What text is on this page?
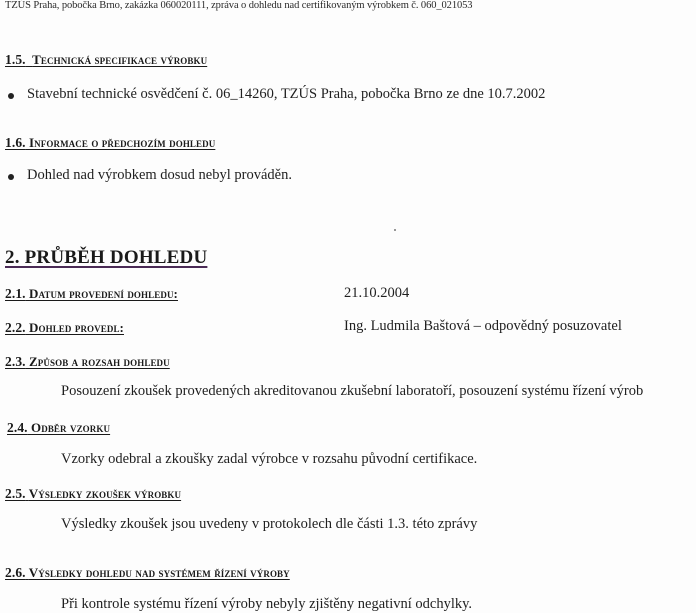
TZÚS Praha, pobočka Brno, zakázka 060020111, zpráva o dohledu nad certifikovaným výrobkem č. 060_021053
1.5. Technická specifikace výrobku
Stavební technické osvědčení č. 06_14260, TZÚS Praha, pobočka Brno ze dne 10.7.2002
1.6. Informace o předchozím dohledu
Dohled nad výrobkem dosud nebyl prováděn.
2. PRŮBĚH DOHLEDU
2.1. Datum provedení dohledu:	21.10.2004
2.2. Dohled provedl:	Ing. Ludmila Baštová – odpovědný posuzovatel
2.3. Způsob a rozsah dohledu
Posouzení zkoušek provedených akreditovanou zkušební laboratoří, posouzení systému řízení výrob
2.4. Odběr vzorku
Vzorky odebral a zkoušky zadal výrobce v rozsahu původní certifikace.
2.5. Výsledky zkoušek výrobku
Výsledky zkoušek jsou uvedeny v protokolech dle části 1.3. této zprávy
2.6. Výsledky dohledu nad systémem řízení výroby
Při kontrole systému řízení výroby nebyly zjištěny negativní odchylky.
